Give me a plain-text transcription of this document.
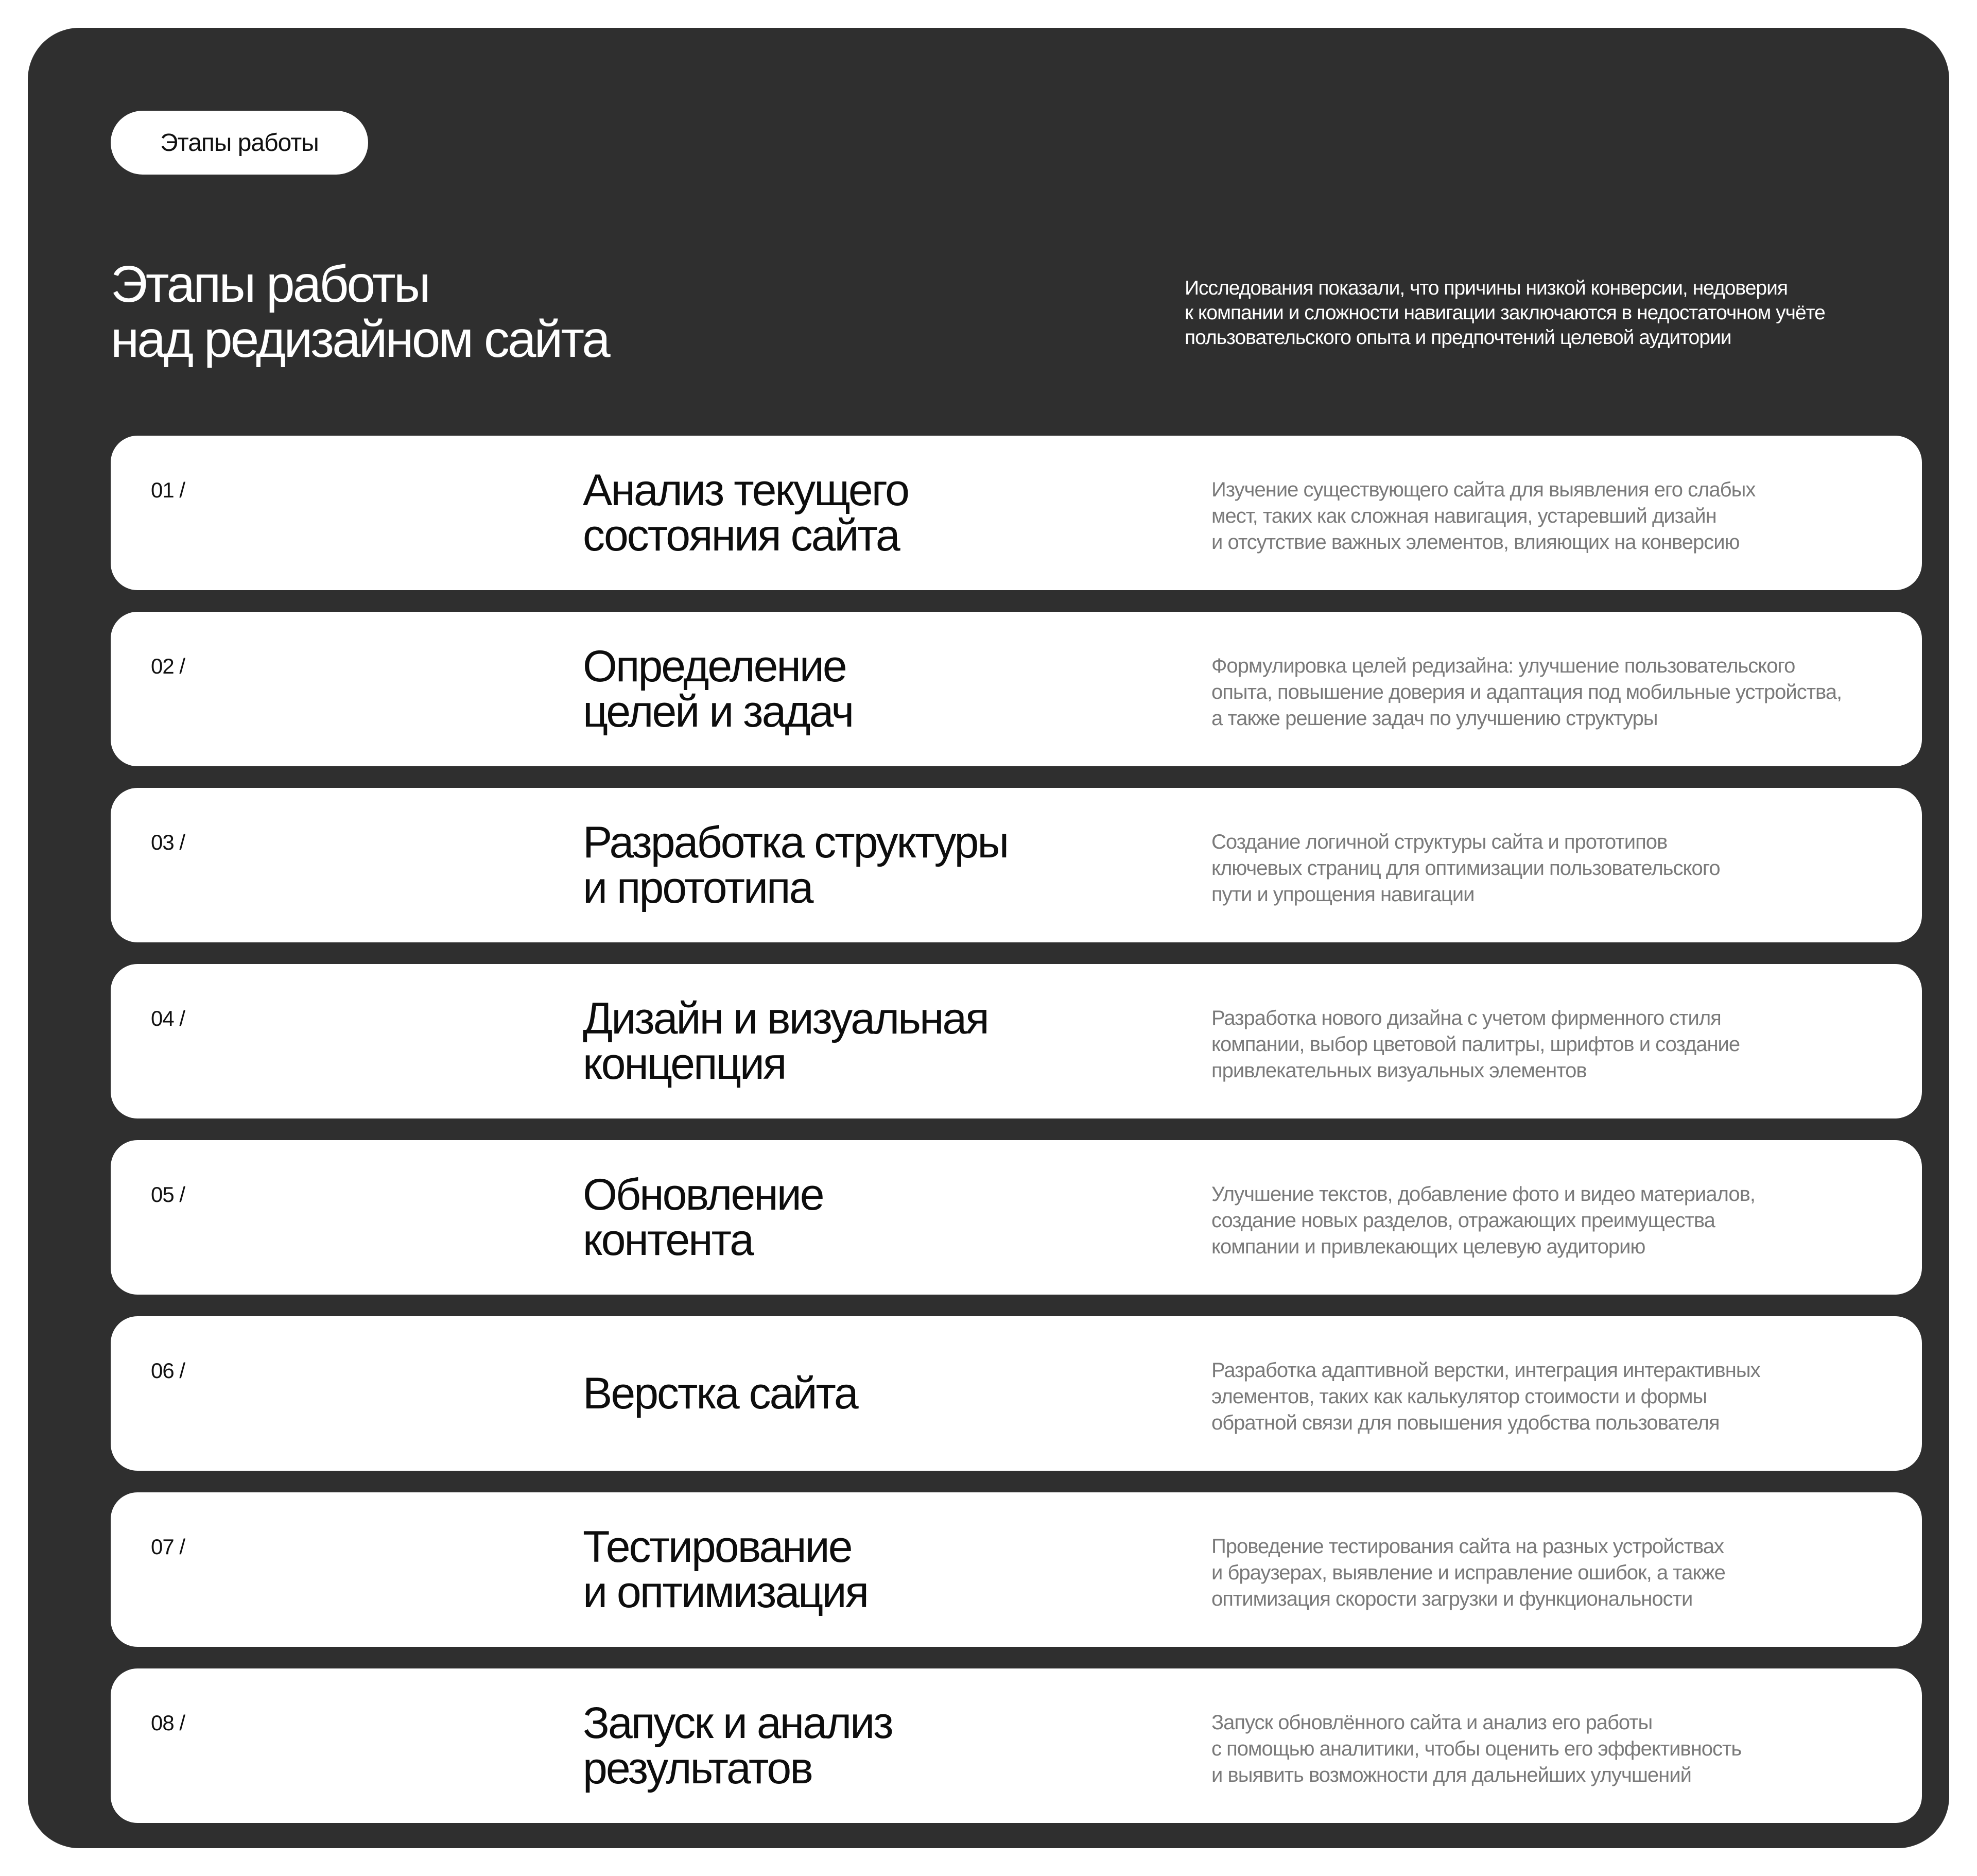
Этапы работы
Этапы работы
над редизайном сайта

Исследования показали, что причины низкой конверсии, недоверия
к компании и сложности навигации заключаются в недостаточном учёте
пользовательского опыта и предпочтений целевой аудитории

01 /	Анализ текущего
состояния сайта
Изучение существующего сайта для выявления его слабых
мест, таких как сложная навигация, устаревший дизайн
и отсутствие важных элементов, влияющих на конверсию
02 /	Определение
целей и задач
Формулировка целей редизайна: улучшение пользовательского
опыта, повышение доверия и адаптация под мобильные устройства,
а также решение задач по улучшению структуры
03 /	Разработка структуры
и прототипа
Создание логичной структуры сайта и прототипов
ключевых страниц для оптимизации пользовательского
пути и упрощения навигации
04 /	Дизайн и визуальная
концепция
Разработка нового дизайна с учетом фирменного стиля
компании, выбор цветовой палитры, шрифтов и создание
привлекательных визуальных элементов
05 /	Обновление
контента
Улучшение текстов, добавление фото и видео материалов,
создание новых разделов, отражающих преимущества
компании и привлекающих целевую аудиторию
06 /	Верстка сайта	Разработка адаптивной верстки, интеграция интерактивных
элементов, таких как калькулятор стоимости и формы
обратной связи для повышения удобства пользователя
07 /	Тестирование
и оптимизация
Проведение тестирования сайта на разных устройствах
и браузерах, выявление и исправление ошибок, а также
оптимизация скорости загрузки и функциональности
08 /	Запуск и анализ
результатов
Запуск обновлённого сайта и анализ его работы
с помощью аналитики, чтобы оценить его эффективность
и выявить возможности для дальнейших улучшений
